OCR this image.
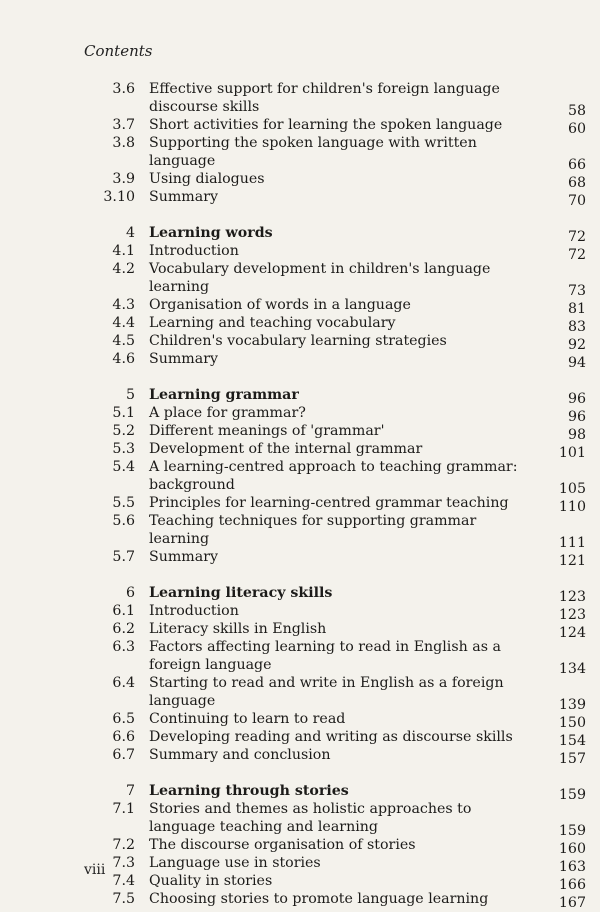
Contents
3.6 Effective support for children's foreign language discourse skills	58
3.7 Short activities for learning the spoken language	60
3.8 Supporting the spoken language with written language	66
3.9 Using dialogues	68
3.10 Summary	70
4 Learning words	72
4.1 Introduction	72
4.2 Vocabulary development in children's language learning	73
4.3 Organisation of words in a language	81
4.4 Learning and teaching vocabulary	83
4.5 Children's vocabulary learning strategies	92
4.6 Summary	94
5 Learning grammar	96
5.1 A place for grammar?	96
5.2 Different meanings of 'grammar'	98
5.3 Development of the internal grammar	101
5.4 A learning-centred approach to teaching grammar: background	105
5.5 Principles for learning-centred grammar teaching	110
5.6 Teaching techniques for supporting grammar learning	111
5.7 Summary	121
6 Learning literacy skills	123
6.1 Introduction	123
6.2 Literacy skills in English	124
6.3 Factors affecting learning to read in English as a foreign language	134
6.4 Starting to read and write in English as a foreign language	139
6.5 Continuing to learn to read	150
6.6 Developing reading and writing as discourse skills	154
6.7 Summary and conclusion	157
7 Learning through stories	159
7.1 Stories and themes as holistic approaches to language teaching and learning	159
7.2 The discourse organisation of stories	160
7.3 Language use in stories	163
7.4 Quality in stories	166
7.5 Choosing stories to promote language learning	167
viii
